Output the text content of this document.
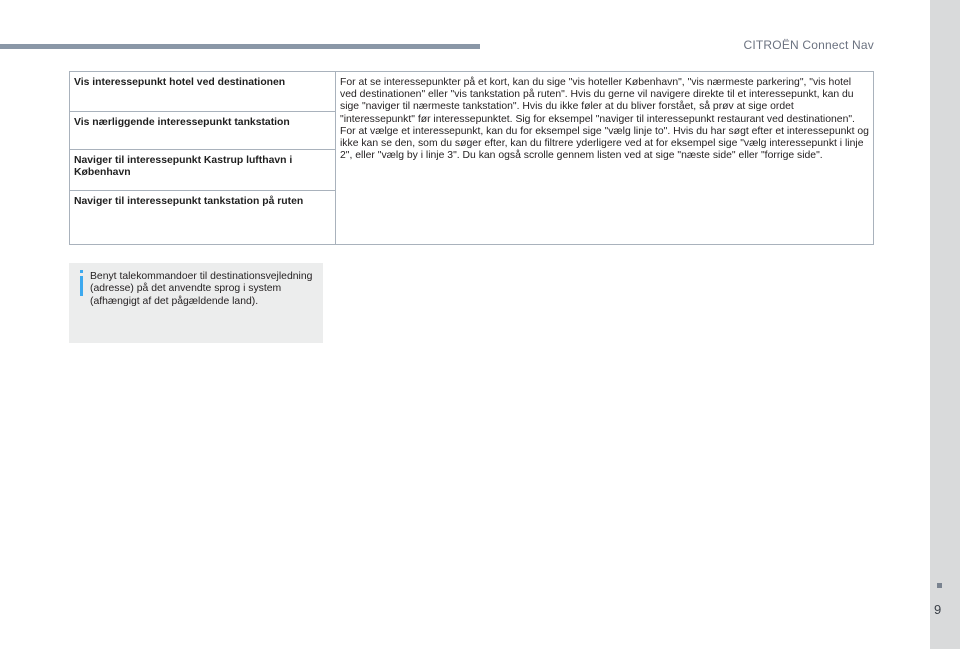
CITROËN Connect Nav
Vis interessepunkt hotel ved destinationen	For at se interessepunkter på et kort, kan du sige "vis hoteller København", "vis nærmeste parkering", "vis hotel ved destinationen" eller "vis tankstation på ruten". Hvis du gerne vil navigere direkte til et interessepunkt, kan du sige "naviger til nærmeste tankstation". Hvis du ikke føler at du bliver forstået, så prøv at sige ordet "interessepunkt" før interessepunktet. Sig for eksempel "naviger til interessepunkt restaurant ved destinationen".
For at vælge et interessepunkt, kan du for eksempel sige "vælg linje to". Hvis du har søgt efter et interessepunkt og ikke kan se den, som du søger efter, kan du filtrere yderligere ved at for eksempel sige "vælg interessepunkt i linje 2", eller "vælg by i linje 3". Du kan også scrolle gennem listen ved at sige "næste side" eller "forrige side".

Vis nærliggende interessepunkt tankstation
Naviger til interessepunkt Kastrup lufthavn i København
Naviger til interessepunkt tankstation på ruten
Benyt talekommandoer til destinationsvejledning (adresse) på det anvendte sprog i system (afhængigt af det pågældende land).
9
